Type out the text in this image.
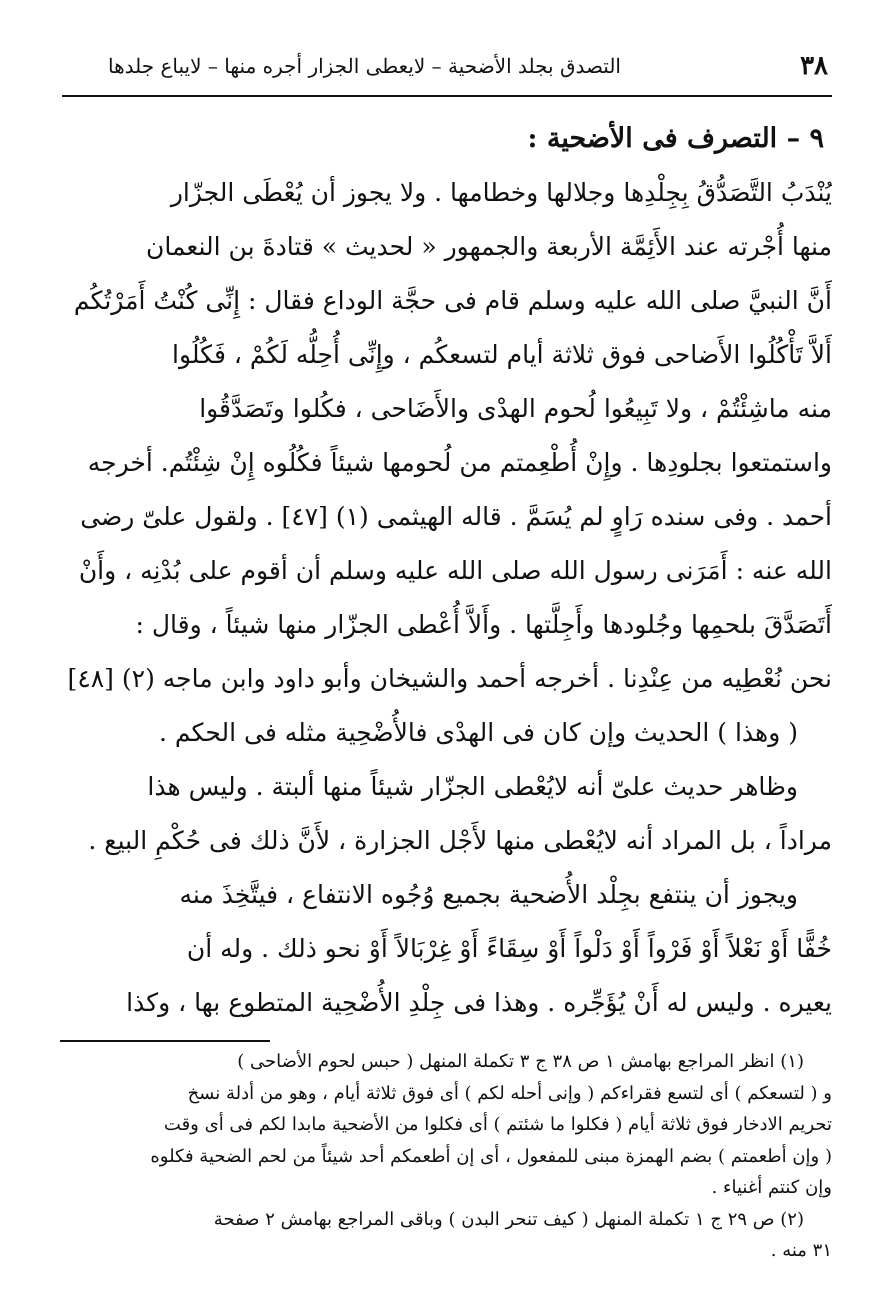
٣٨
التصدق بجلد الأضحية – لايعطى الجزار أجره منها – لايباع جلدها
٩ – التصرف فى الأضحية :
يُنْدَبُ التَّصَدُّقُ بِجِلْدِها وجلالها وخطامها . ولا يجوز أن يُعْطَى الجزّار
منها أُجْرته عند الأَئِمَّة الأربعة والجمهور « لحديث » قتادةَ بن النعمان
أَنَّ النبيَّ صلى الله عليه وسلم قام فى حجَّة الوداع فقال : إِنِّى كُنْتُ أَمَرْتُكُم
أَلاَّ تَأْكُلُوا الأَضاحى فوق ثلاثة أيام لتسعكُم ، وإِنِّى أُحِلُّه لَكُمْ ، فَكُلُوا
منه ماشِئْتُمْ ، ولا تَبِيعُوا لُحوم الهدْى والأَضَاحى ، فكُلوا وتَصَدَّقُوا
واستمتعوا بجلودِها . وإِنْ أُطْعِمتم من لُحومها شيئاً فكُلُوه إِنْ شِئْتُم. أخرجه
أحمد . وفى سنده رَاوٍ لم يُسَمَّ . قاله الهيثمى (١) [٤٧] . ولقول علىّ رضى
الله عنه : أَمَرَنى رسول الله صلى الله عليه وسلم أن أقوم على بُدْنِه ، وأَنْ
أَتَصَدَّقَ بلحمِها وجُلودها وأَجِلَّتها . وأَلاَّ أُعْطى الجزّار منها شيئاً ، وقال :
نحن نُعْطِيه من عِنْدِنا . أخرجه أحمد والشيخان وأبو داود وابن ماجه (٢) [٤٨]
( وهذا ) الحديث وإن كان فى الهدْى فالأُضْحِية مثله فى الحكم .
وظاهر حديث علىّ أنه لايُعْطى الجزّار شيئاً منها ألبتة . وليس هذا
مراداً ، بل المراد أنه لايُعْطى منها لأَجْل الجزارة ، لأَنَّ ذلك فى حُكْمِ البيع .
ويجوز أن ينتفع بجِلْد الأُضحية بجميع وُجُوه الانتفاع ، فيتَّخِذَ منه
خُفًّا أَوْ نَعْلاً أَوْ فَرْواً أَوْ دَلْواً أَوْ سِقَاءً أَوْ غِرْبَالاً أَوْ نحو ذلك . وله أن
يعيره . وليس له أَنْ يُؤَجِّره . وهذا فى جِلْدِ الأُضْحِية المتطوع بها ، وكذا
(١) انظر المراجع بهامش ١ ص ٣٨ ج ٣ تكملة المنهل ( حبس لحوم الأضاحى )
و ( لتسعكم ) أى لتسع فقراءكم ( وإنى أحله لكم ) أى فوق ثلاثة أيام ، وهو من أدلة نسخ
تحريم الادخار فوق ثلاثة أيام ( فكلوا ما شئتم ) أى فكلوا من الأضحية مابدا لكم فى أى وقت
( وإن أطعمتم ) بضم الهمزة مبنى للمفعول ، أى إن أطعمكم أحد شيئاً من لحم الضحية فكلوه
وإن كنتم أغنياء .
(٢) ص ٢٩ ج ١ تكملة المنهل ( كيف تنحر البدن ) وباقى المراجع بهامش ٢ صفحة
٣١ منه .
